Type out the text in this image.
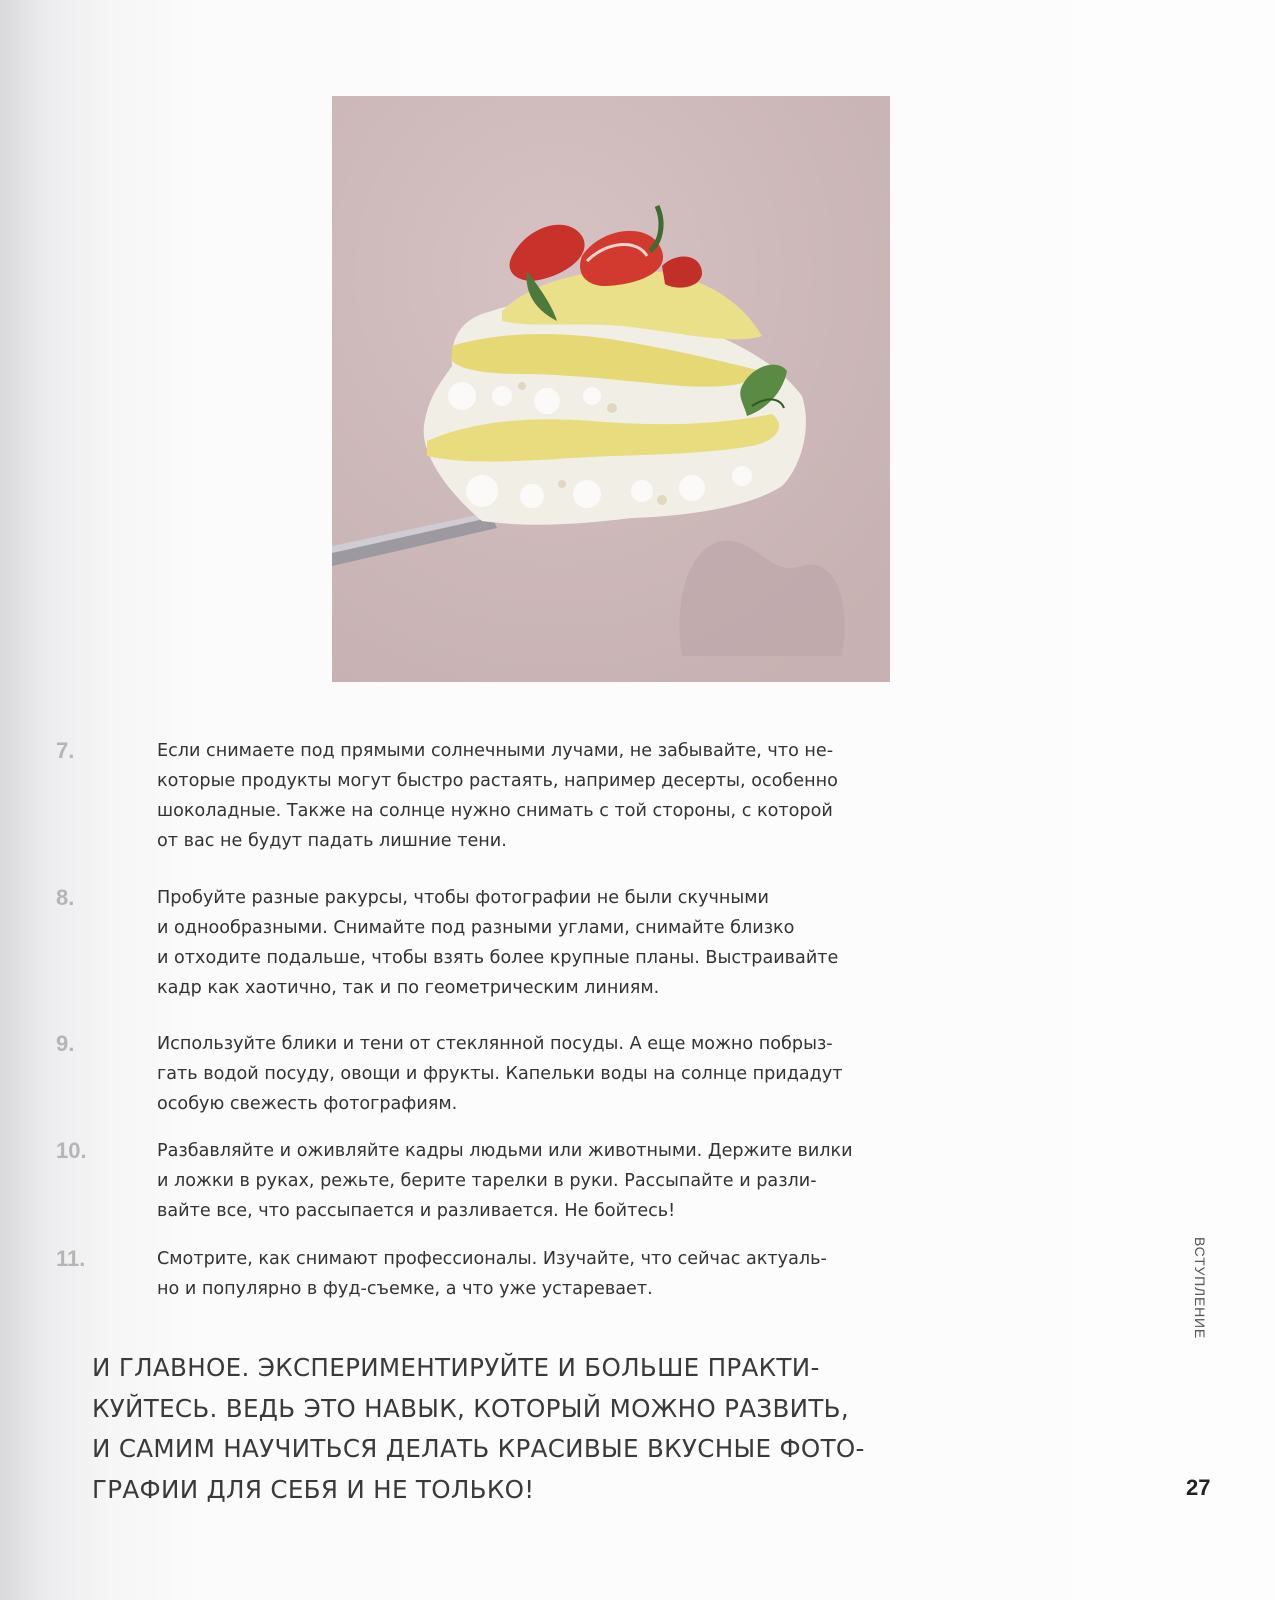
7.	Если снимаете под прямыми солнечными лучами, не забывайте, что не-
которые продукты могут быстро растаять, например десерты, особенно
шоколадные. Также на солнце нужно снимать с той стороны, с которой
от вас не будут падать лишние тени.
8.	Пробуйте разные ракурсы, чтобы фотографии не были скучными
и однообразными. Снимайте под разными углами, снимайте близко
и отходите подальше, чтобы взять более крупные планы. Выстраивайте
кадр как хаотично, так и по геометрическим линиям.
9.	Используйте блики и тени от стеклянной посуды. А еще можно побрыз-
гать водой посуду, овощи и фрукты. Капельки воды на солнце придадут
особую свежесть фотографиям.
10.	Разбавляйте и оживляйте кадры людьми или животными. Держите вилки
и ложки в руках, режьте, берите тарелки в руки. Рассыпайте и разли-
вайте все, что рассыпается и разливается. Не бойтесь!
11.	Смотрите, как снимают профессионалы. Изучайте, что сейчас актуаль-
но и популярно в фуд-съемке, а что уже устаревает.
И ГЛАВНОЕ. ЭКСПЕРИМЕНТИРУЙТЕ И БОЛЬШЕ ПРАКТИ-
КУЙТЕСЬ. ВЕДЬ ЭТО НАВЫК, КОТОРЫЙ МОЖНО РАЗВИТЬ,
И САМИМ НАУЧИТЬСЯ ДЕЛАТЬ КРАСИВЫЕ ВКУСНЫЕ ФОТО-
ГРАФИИ ДЛЯ СЕБЯ И НЕ ТОЛЬКО!
ВСТУПЛЕНИЕ
27
